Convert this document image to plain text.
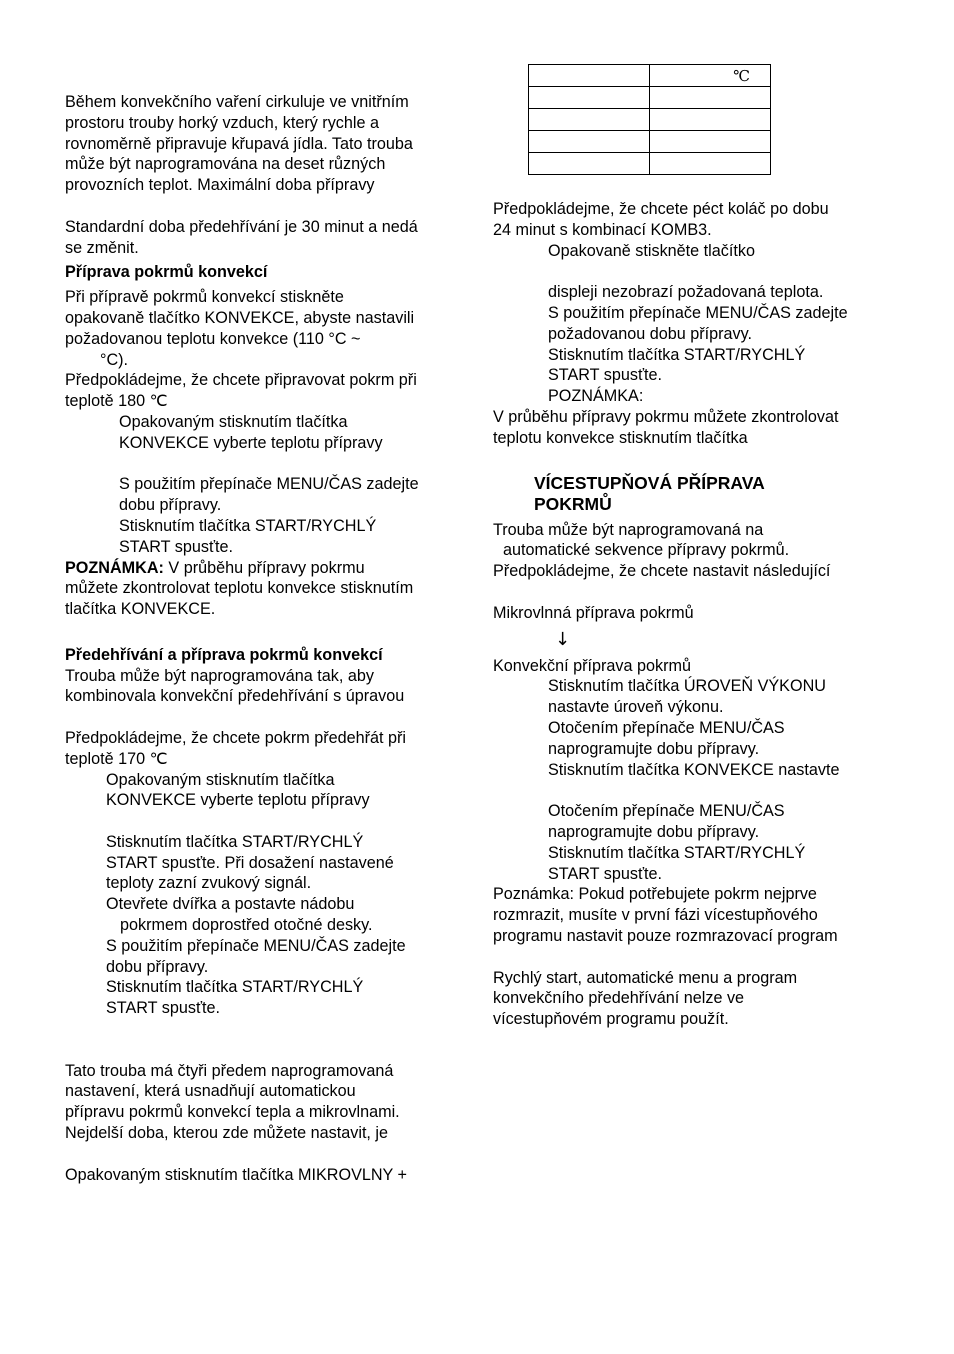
	℃

Během konvekčního vaření cirkuluje ve vnitřním
prostoru trouby horký vzduch, který rychle a
rovnoměrně připravuje křupavá jídla. Tato trouba
může být naprogramována na deset různých
provozních teplot. Maximální doba přípravy
Standardní doba předehřívání je 30 minut a nedá
se změnit.
Příprava pokrmů konvekcí
Při přípravě pokrmů konvekcí stiskněte
opakovaně tlačítko KONVEKCE, abyste nastavili
požadovanou teplotu konvekce (110 °C ~
°C).
Předpokládejme, že chcete připravovat pokrm při
teplotě 180 ℃
Opakovaným stisknutím tlačítka
KONVEKCE vyberte teplotu přípravy
S použitím přepínače MENU/ČAS zadejte
dobu přípravy.
Stisknutím tlačítka START/RYCHLÝ
START spusťte.
POZNÁMKA: V průběhu přípravy pokrmu
můžete zkontrolovat teplotu konvekce stisknutím
tlačítka KONVEKCE.
Předehřívání a příprava pokrmů konvekcí
Trouba může být naprogramována tak, aby
kombinovala konvekční předehřívání s úpravou
Předpokládejme, že chcete pokrm předehřát při
teplotě 170 ℃
Opakovaným stisknutím tlačítka
KONVEKCE vyberte teplotu přípravy
Stisknutím tlačítka START/RYCHLÝ
START spusťte. Při dosažení nastavené
teploty zazní zvukový signál.
Otevřete dvířka a postavte nádobu
pokrmem doprostřed otočné desky.
S použitím přepínače MENU/ČAS zadejte
dobu přípravy.
Stisknutím tlačítka START/RYCHLÝ
START spusťte.
Tato trouba má čtyři předem naprogramovaná
nastavení, která usnadňují automatickou
přípravu pokrmů konvekcí tepla a mikrovlnami.
Nejdelší doba, kterou zde můžete nastavit, je
Opakovaným stisknutím tlačítka MIKROVLNY +
Předpokládejme, že chcete péct koláč po dobu
24 minut s kombinací KOMB3.
Opakovaně stiskněte tlačítko
displeji nezobrazí požadovaná teplota.
S použitím přepínače MENU/ČAS zadejte
požadovanou dobu přípravy.
Stisknutím tlačítka START/RYCHLÝ
START spusťte.
POZNÁMKA:
V průběhu přípravy pokrmu můžete zkontrolovat
teplotu konvekce stisknutím tlačítka
VÍCESTUPŇOVÁ PŘÍPRAVA
POKRMŮ
Trouba může být naprogramovaná na
automatické sekvence přípravy pokrmů.
Předpokládejme, že chcete nastavit následující
Mikrovlnná příprava pokrmů
↓
Konvekční příprava pokrmů
Stisknutím tlačítka ÚROVEŇ VÝKONU
nastavte úroveň výkonu.
Otočením přepínače MENU/ČAS
naprogramujte dobu přípravy.
Stisknutím tlačítka KONVEKCE nastavte
Otočením přepínače MENU/ČAS
naprogramujte dobu přípravy.
Stisknutím tlačítka START/RYCHLÝ
START spusťte.
Poznámka: Pokud potřebujete pokrm nejprve
rozmrazit, musíte v první fázi vícestupňového
programu nastavit pouze rozmrazovací program
Rychlý start, automatické menu a program
konvekčního předehřívání nelze ve
vícestupňovém programu použít.
